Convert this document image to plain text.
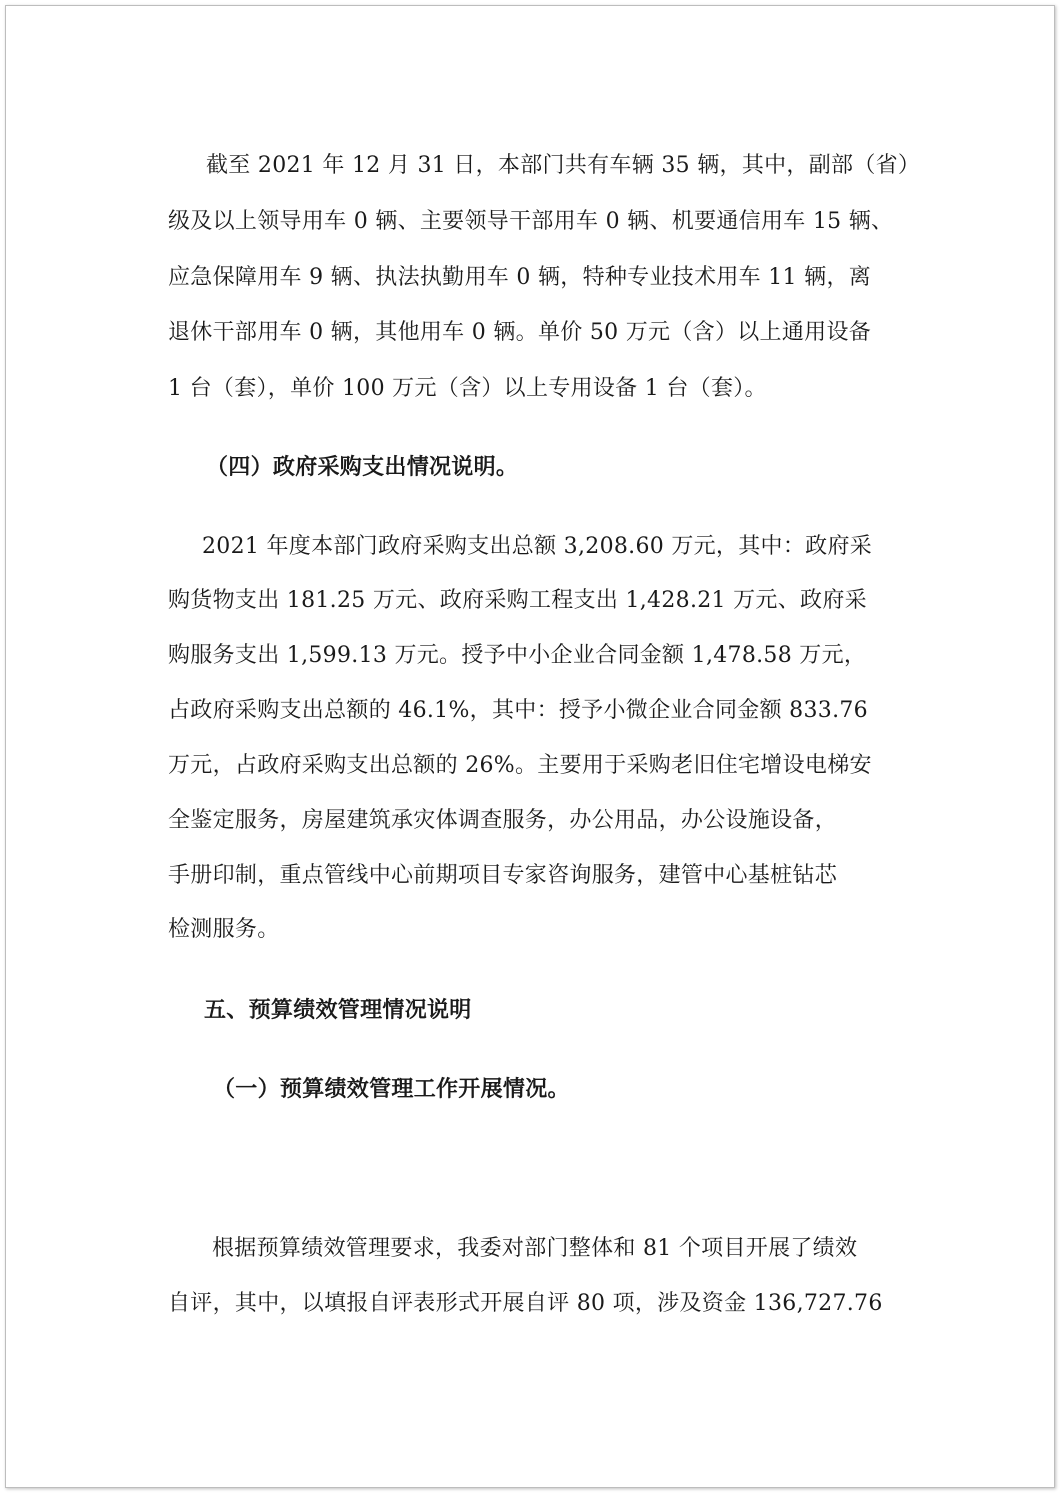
截至 2021 年 12 月 31 日，本部门共有车辆 35 辆，其中，副部（省）
级及以上领导用车 0 辆、主要领导干部用车 0 辆、机要通信用车 15 辆、
应急保障用车 9 辆、执法执勤用车 0 辆，特种专业技术用车 11 辆，离
退休干部用车 0 辆，其他用车 0 辆。单价 50 万元（含）以上通用设备
1 台（套），单价 100 万元（含）以上专用设备 1 台（套）。
（四）政府采购支出情况说明。
2021 年度本部门政府采购支出总额 3,208.60 万元，其中：政府采
购货物支出 181.25 万元、政府采购工程支出 1,428.21 万元、政府采
购服务支出 1,599.13 万元。授予中小企业合同金额 1,478.58 万元，
占政府采购支出总额的 46.1%，其中：授予小微企业合同金额 833.76
万元，占政府采购支出总额的 26%。主要用于采购老旧住宅增设电梯安
全鉴定服务，房屋建筑承灾体调查服务，办公用品，办公设施设备，
手册印制，重点管线中心前期项目专家咨询服务，建管中心基桩钻芯
检测服务。
五、预算绩效管理情况说明
（一）预算绩效管理工作开展情况。
根据预算绩效管理要求，我委对部门整体和 81 个项目开展了绩效
自评，其中，以填报自评表形式开展自评 80 项，涉及资金 136,727.76
